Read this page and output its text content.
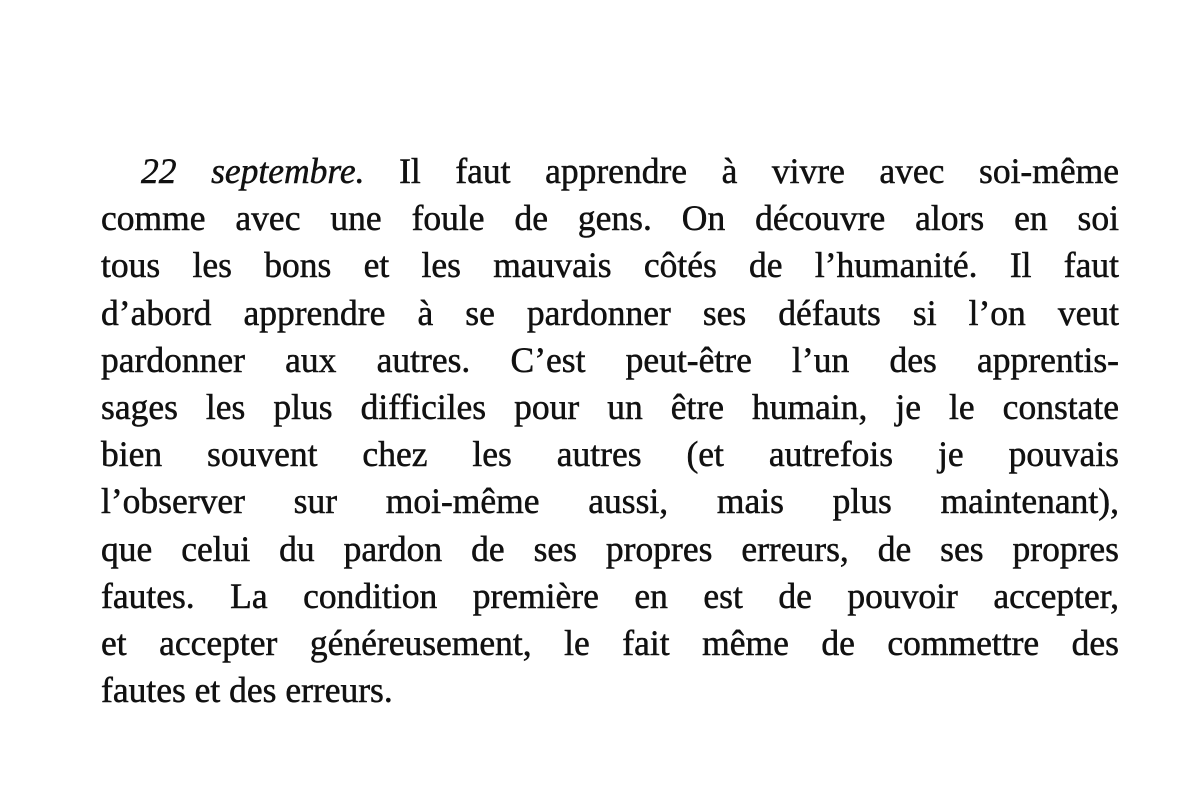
22 septembre. Il faut apprendre à vivre avec soi-même
comme avec une foule de gens. On découvre alors en soi
tous les bons et les mauvais côtés de l’humanité. Il faut
d’abord apprendre à se pardonner ses défauts si l’on veut
pardonner aux autres. C’est peut-être l’un des apprentis-
sages les plus difficiles pour un être humain, je le constate
bien souvent chez les autres (et autrefois je pouvais
l’observer sur moi-même aussi, mais plus maintenant),
que celui du pardon de ses propres erreurs, de ses propres
fautes. La condition première en est de pouvoir accepter,
et accepter généreusement, le fait même de commettre des
fautes et des erreurs.
